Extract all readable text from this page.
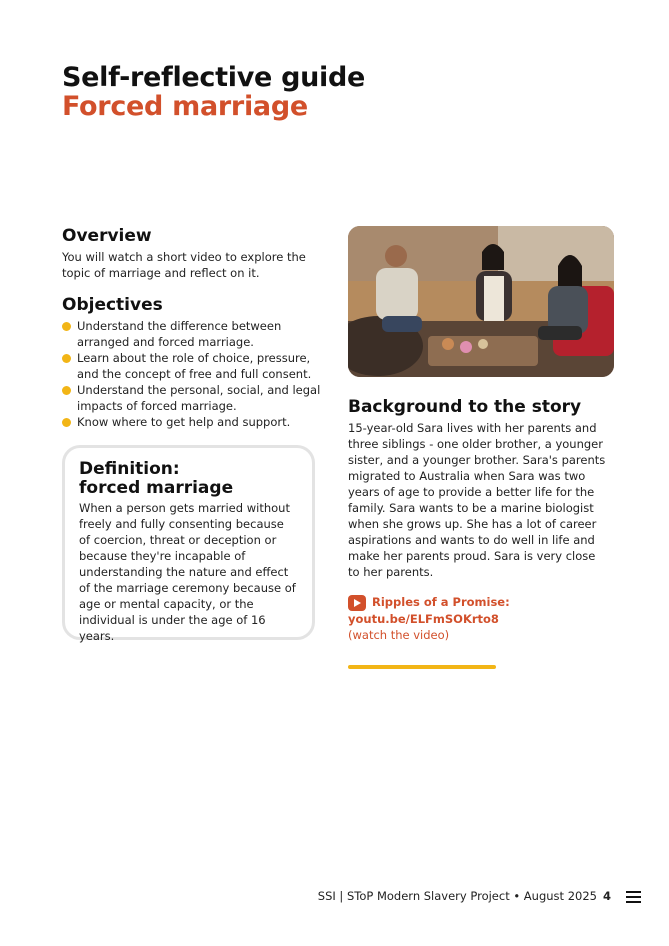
Self-reflective guide
Forced marriage
Overview
You will watch a short video to explore the topic of marriage and reflect on it.
Objectives
Understand the difference between arranged and forced marriage.
Learn about the role of choice, pressure, and the concept of free and full consent.
Understand the personal, social, and legal impacts of forced marriage.
Know where to get help and support.
Definition:
forced marriage

When a person gets married without freely and fully consenting because of coercion, threat or deception or because they're incapable of understanding the nature and effect of the marriage ceremony because of age or mental capacity, or the individual is under the age of 16 years.

Background to the story
15-year-old Sara lives with her parents and three siblings - one older brother, a younger sister, and a younger brother. Sara's parents migrated to Australia when Sara was two years of age to provide a better life for the family. Sara wants to be a marine biologist when she grows up. She has a lot of career aspirations and wants to do well in life and make her parents proud. Sara is very close to her parents.
Ripples of a Promise:
youtu.be/ELFmSOKrto8
(watch the video)
SSI | SToP Modern Slavery Project • August 2025 4
